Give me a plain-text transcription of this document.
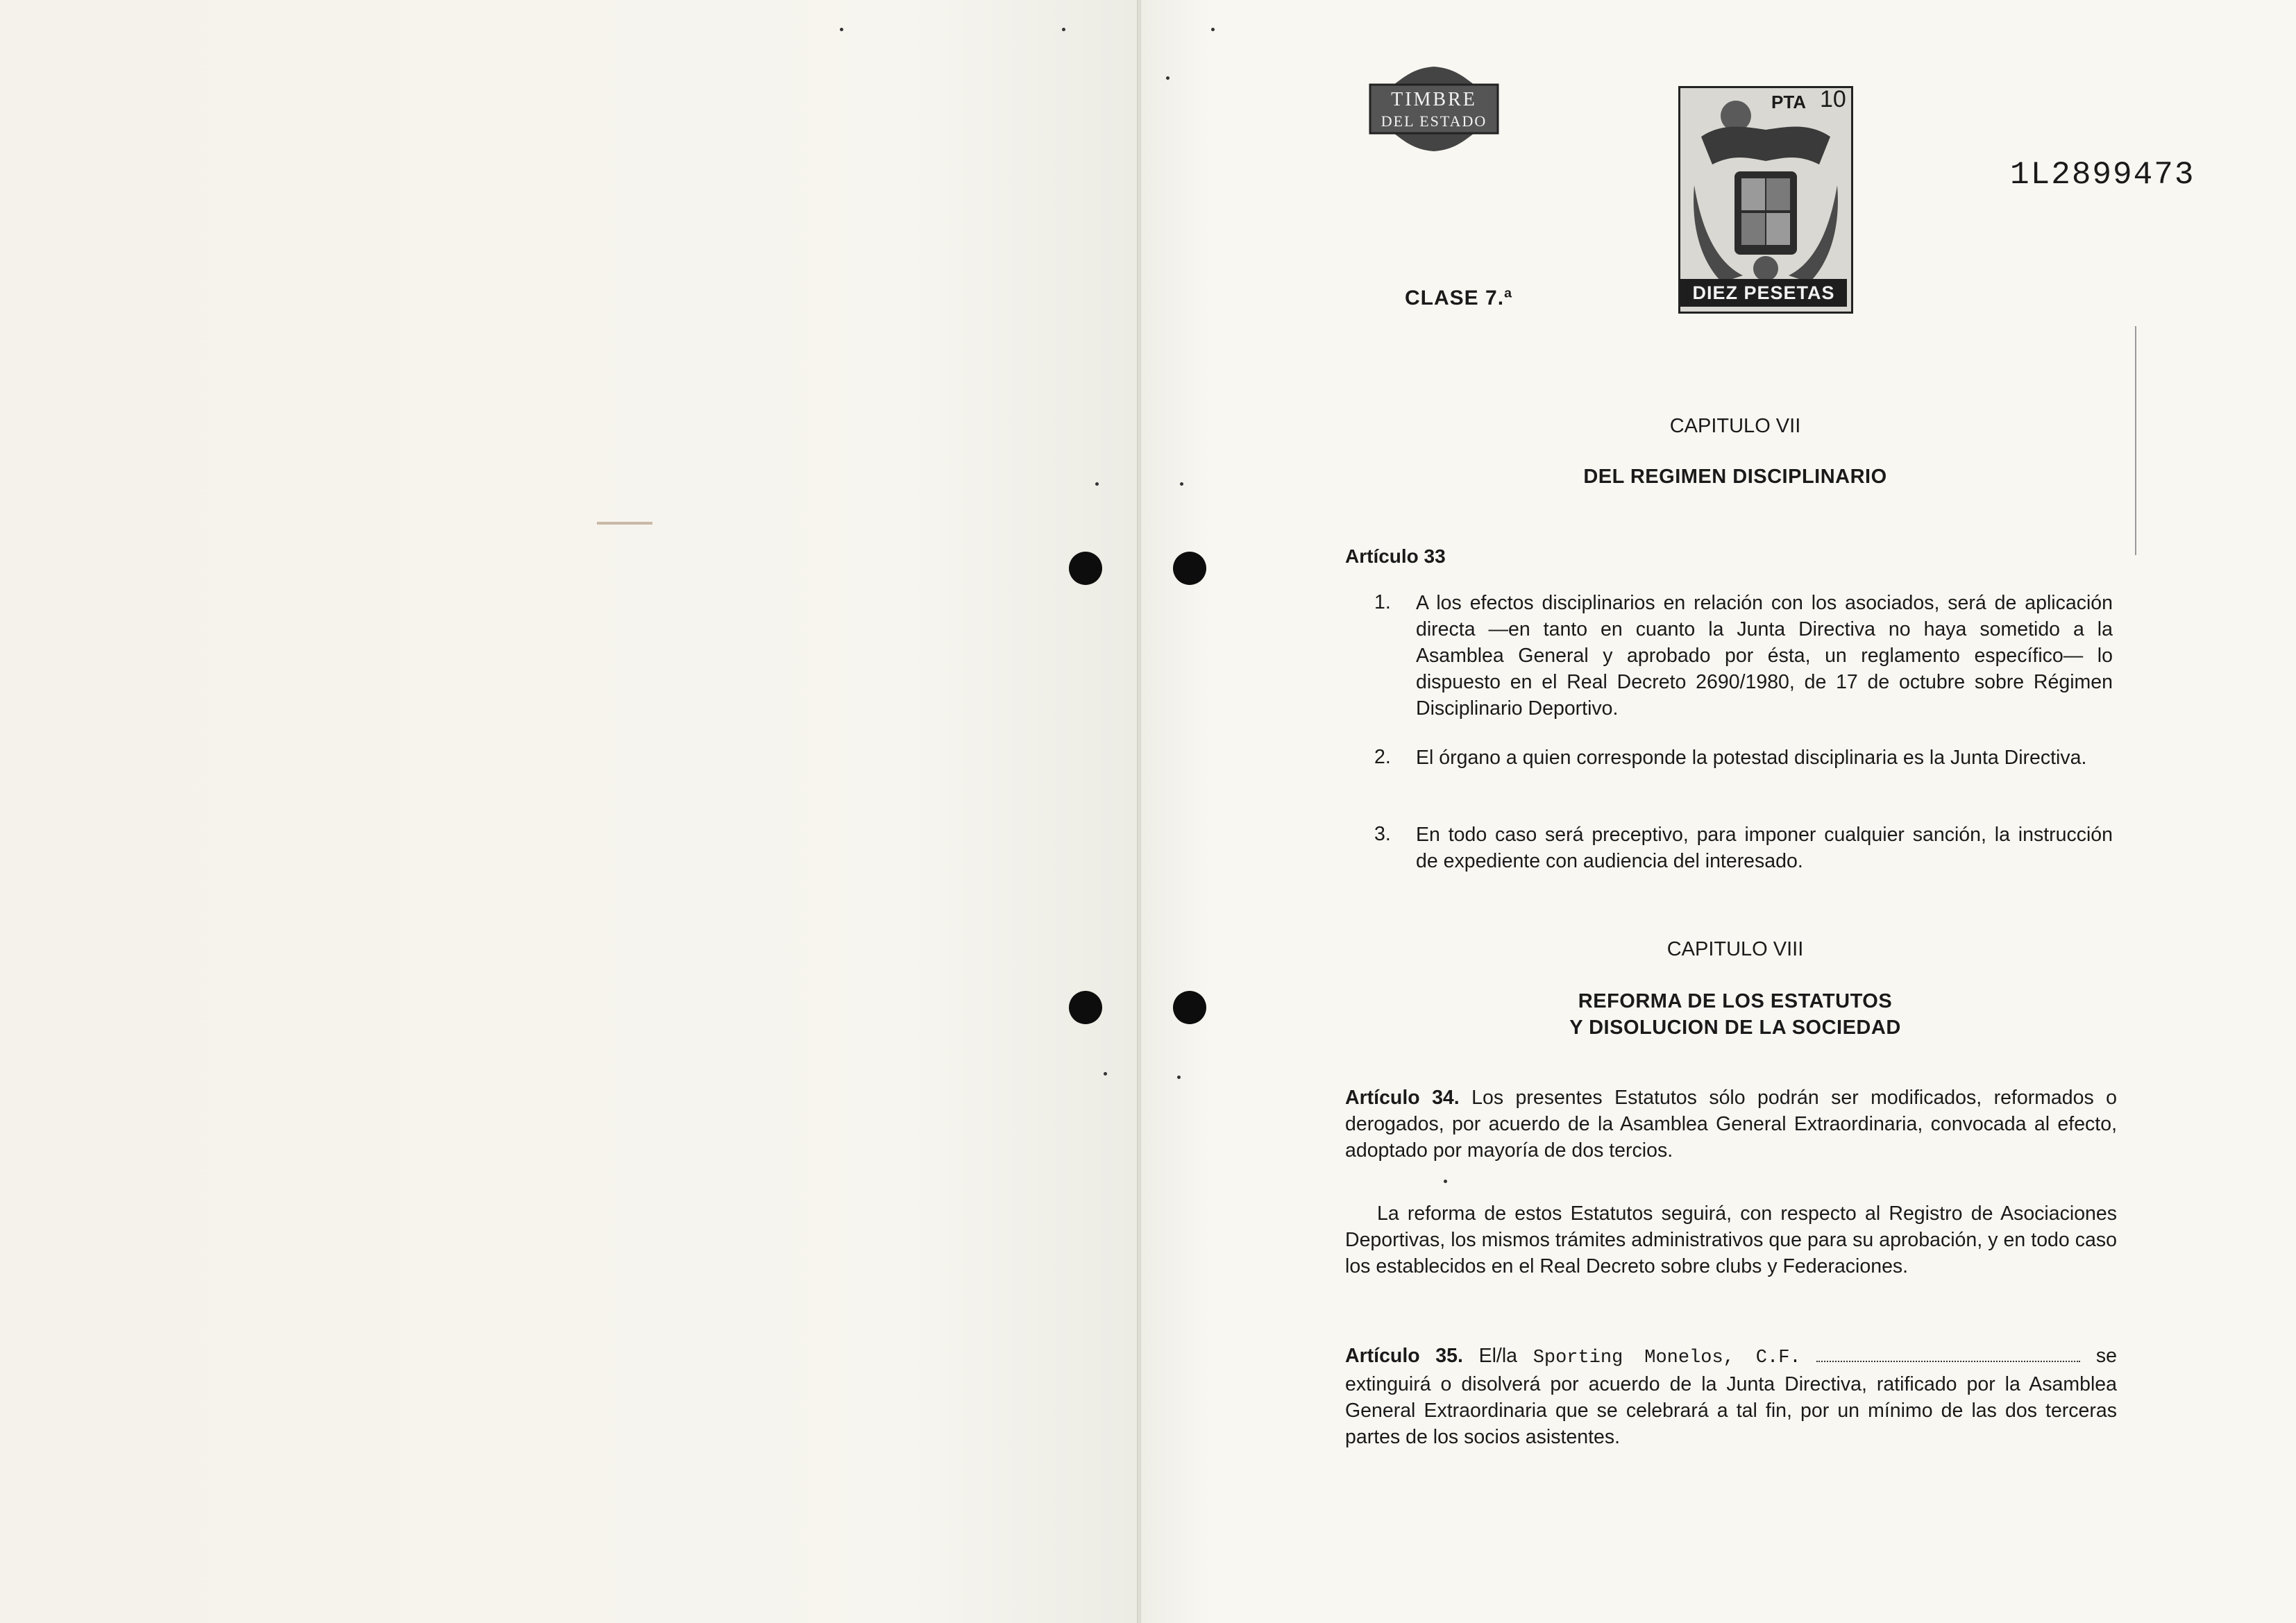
TIMBRE
DEL ESTADO
CLASE 7.ª
PTA 10
DIEZ PESETAS
1L2899473
CAPITULO VII
DEL REGIMEN DISCIPLINARIO
Artículo 33
1. A los efectos disciplinarios en relación con los asociados, será de aplicación directa —en tanto en cuanto la Junta Directiva no haya sometido a la Asamblea General y aprobado por ésta, un reglamento específico— lo dispuesto en el Real Decreto 2690/1980, de 17 de octubre sobre Régimen Disciplinario Deportivo.
2. El órgano a quien corresponde la potestad disciplinaria es la Junta Directiva.
3. En todo caso será preceptivo, para imponer cualquier sanción, la instrucción de expediente con audiencia del interesado.
CAPITULO VIII
REFORMA DE LOS ESTATUTOS
Y DISOLUCION DE LA SOCIEDAD
Artículo 34. Los presentes Estatutos sólo podrán ser modificados, reformados o derogados, por acuerdo de la Asamblea General Extraordinaria, convocada al efecto, adoptado por mayoría de dos tercios.
La reforma de estos Estatutos seguirá, con respecto al Registro de Asociaciones Deportivas, los mismos trámites administrativos que para su aprobación, y en todo caso los establecidos en el Real Decreto sobre clubs y Federaciones.
Artículo 35. El/la Sporting Monelos, C.F.	se extinguirá o disolverá por acuerdo de la Junta Directiva, ratificado por la Asamblea General Extraordinaria que se celebrará a tal fin, por un mínimo de las dos terceras partes de los socios asistentes.
